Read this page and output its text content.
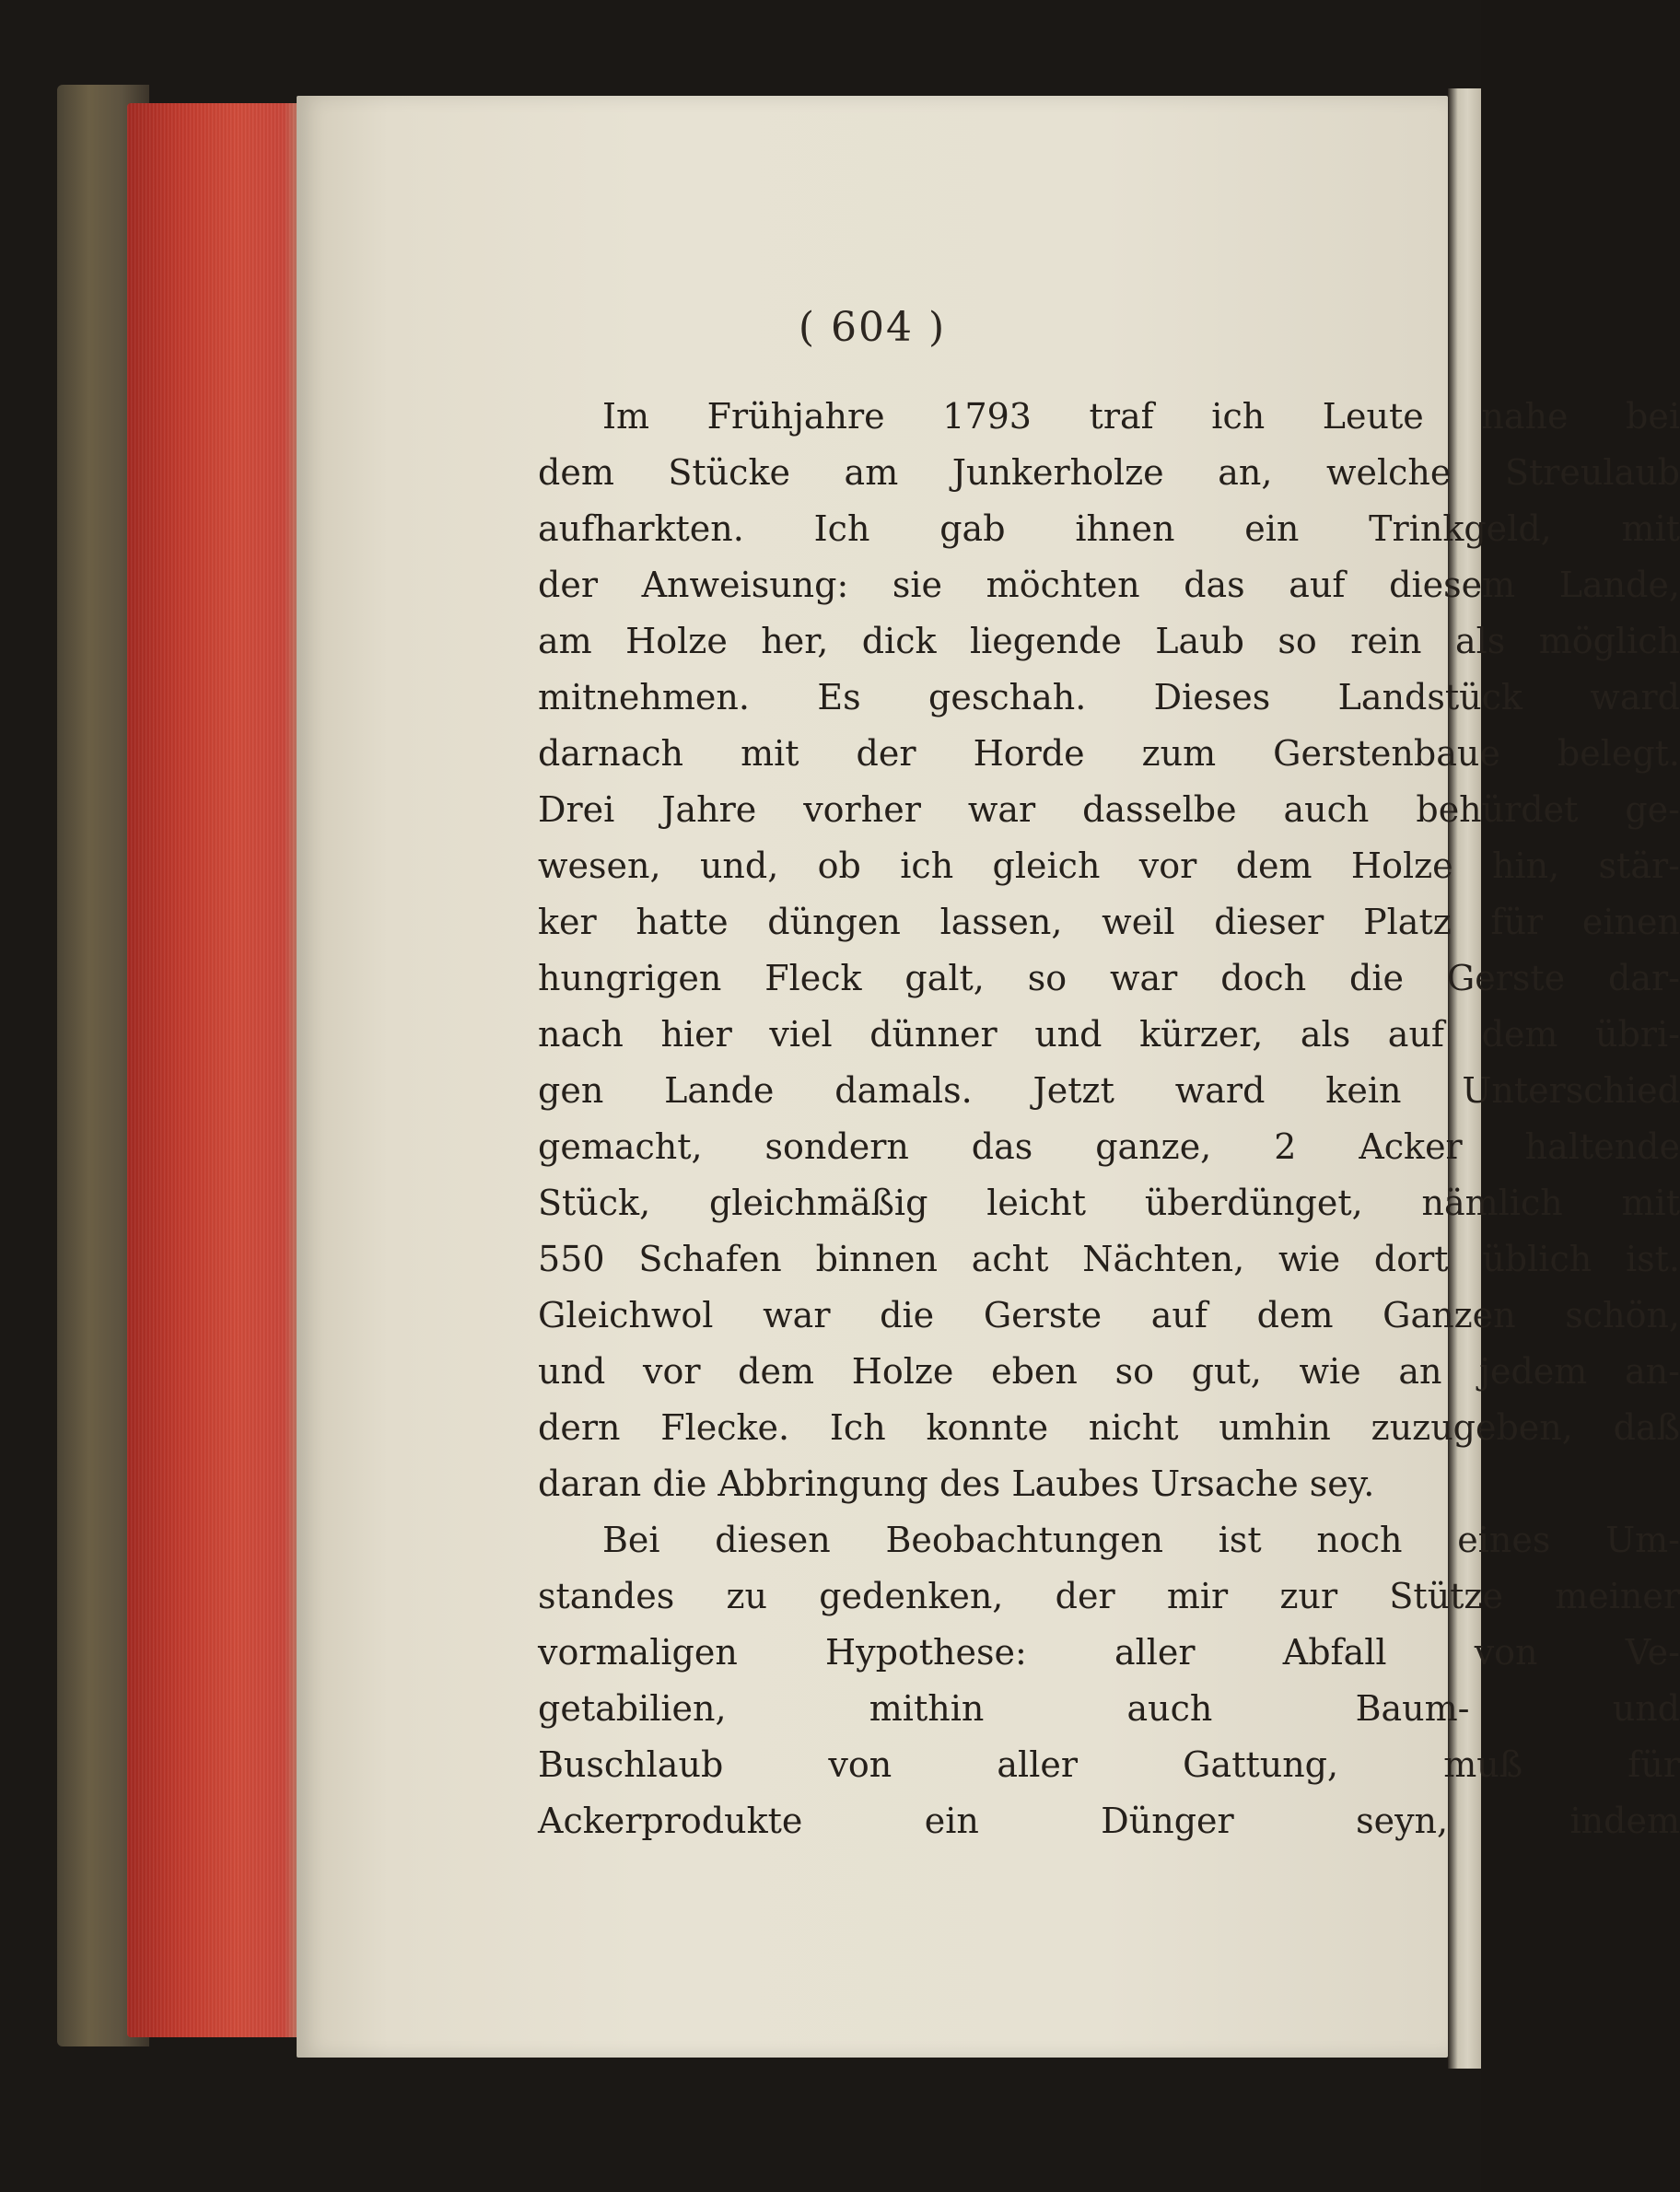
( 604 )
Im Frühjahre 1793 traf ich Leute nahe bei
dem Stücke am Junkerholze an, welche Streulaub
aufharkten. Ich gab ihnen ein Trinkgeld, mit
der Anweisung: sie möchten das auf diesem Lande,
am Holze her, dick liegende Laub so rein als möglich
mitnehmen. Es geschah. Dieses Landstück ward
darnach mit der Horde zum Gerstenbaue belegt.
Drei Jahre vorher war dasselbe auch behürdet ge-
wesen, und, ob ich gleich vor dem Holze hin, stär-
ker hatte düngen lassen, weil dieser Platz für einen
hungrigen Fleck galt, so war doch die Gerste dar-
nach hier viel dünner und kürzer, als auf dem übri-
gen Lande damals. Jetzt ward kein Unterschied
gemacht, sondern das ganze, 2 Acker haltende
Stück, gleichmäßig leicht überdünget, nämlich mit
550 Schafen binnen acht Nächten, wie dort üblich ist.
Gleichwol war die Gerste auf dem Ganzen schön,
und vor dem Holze eben so gut, wie an jedem an-
dern Flecke. Ich konnte nicht umhin zuzugeben, daß
daran die Abbringung des Laubes Ursache sey.
Bei diesen Beobachtungen ist noch eines Um-
standes zu gedenken, der mir zur Stütze meiner
vormaligen Hypothese: aller Abfall von Ve-
getabilien, mithin auch Baum- und
Buschlaub von aller Gattung, muß für
Ackerprodukte ein Dünger seyn, indem
